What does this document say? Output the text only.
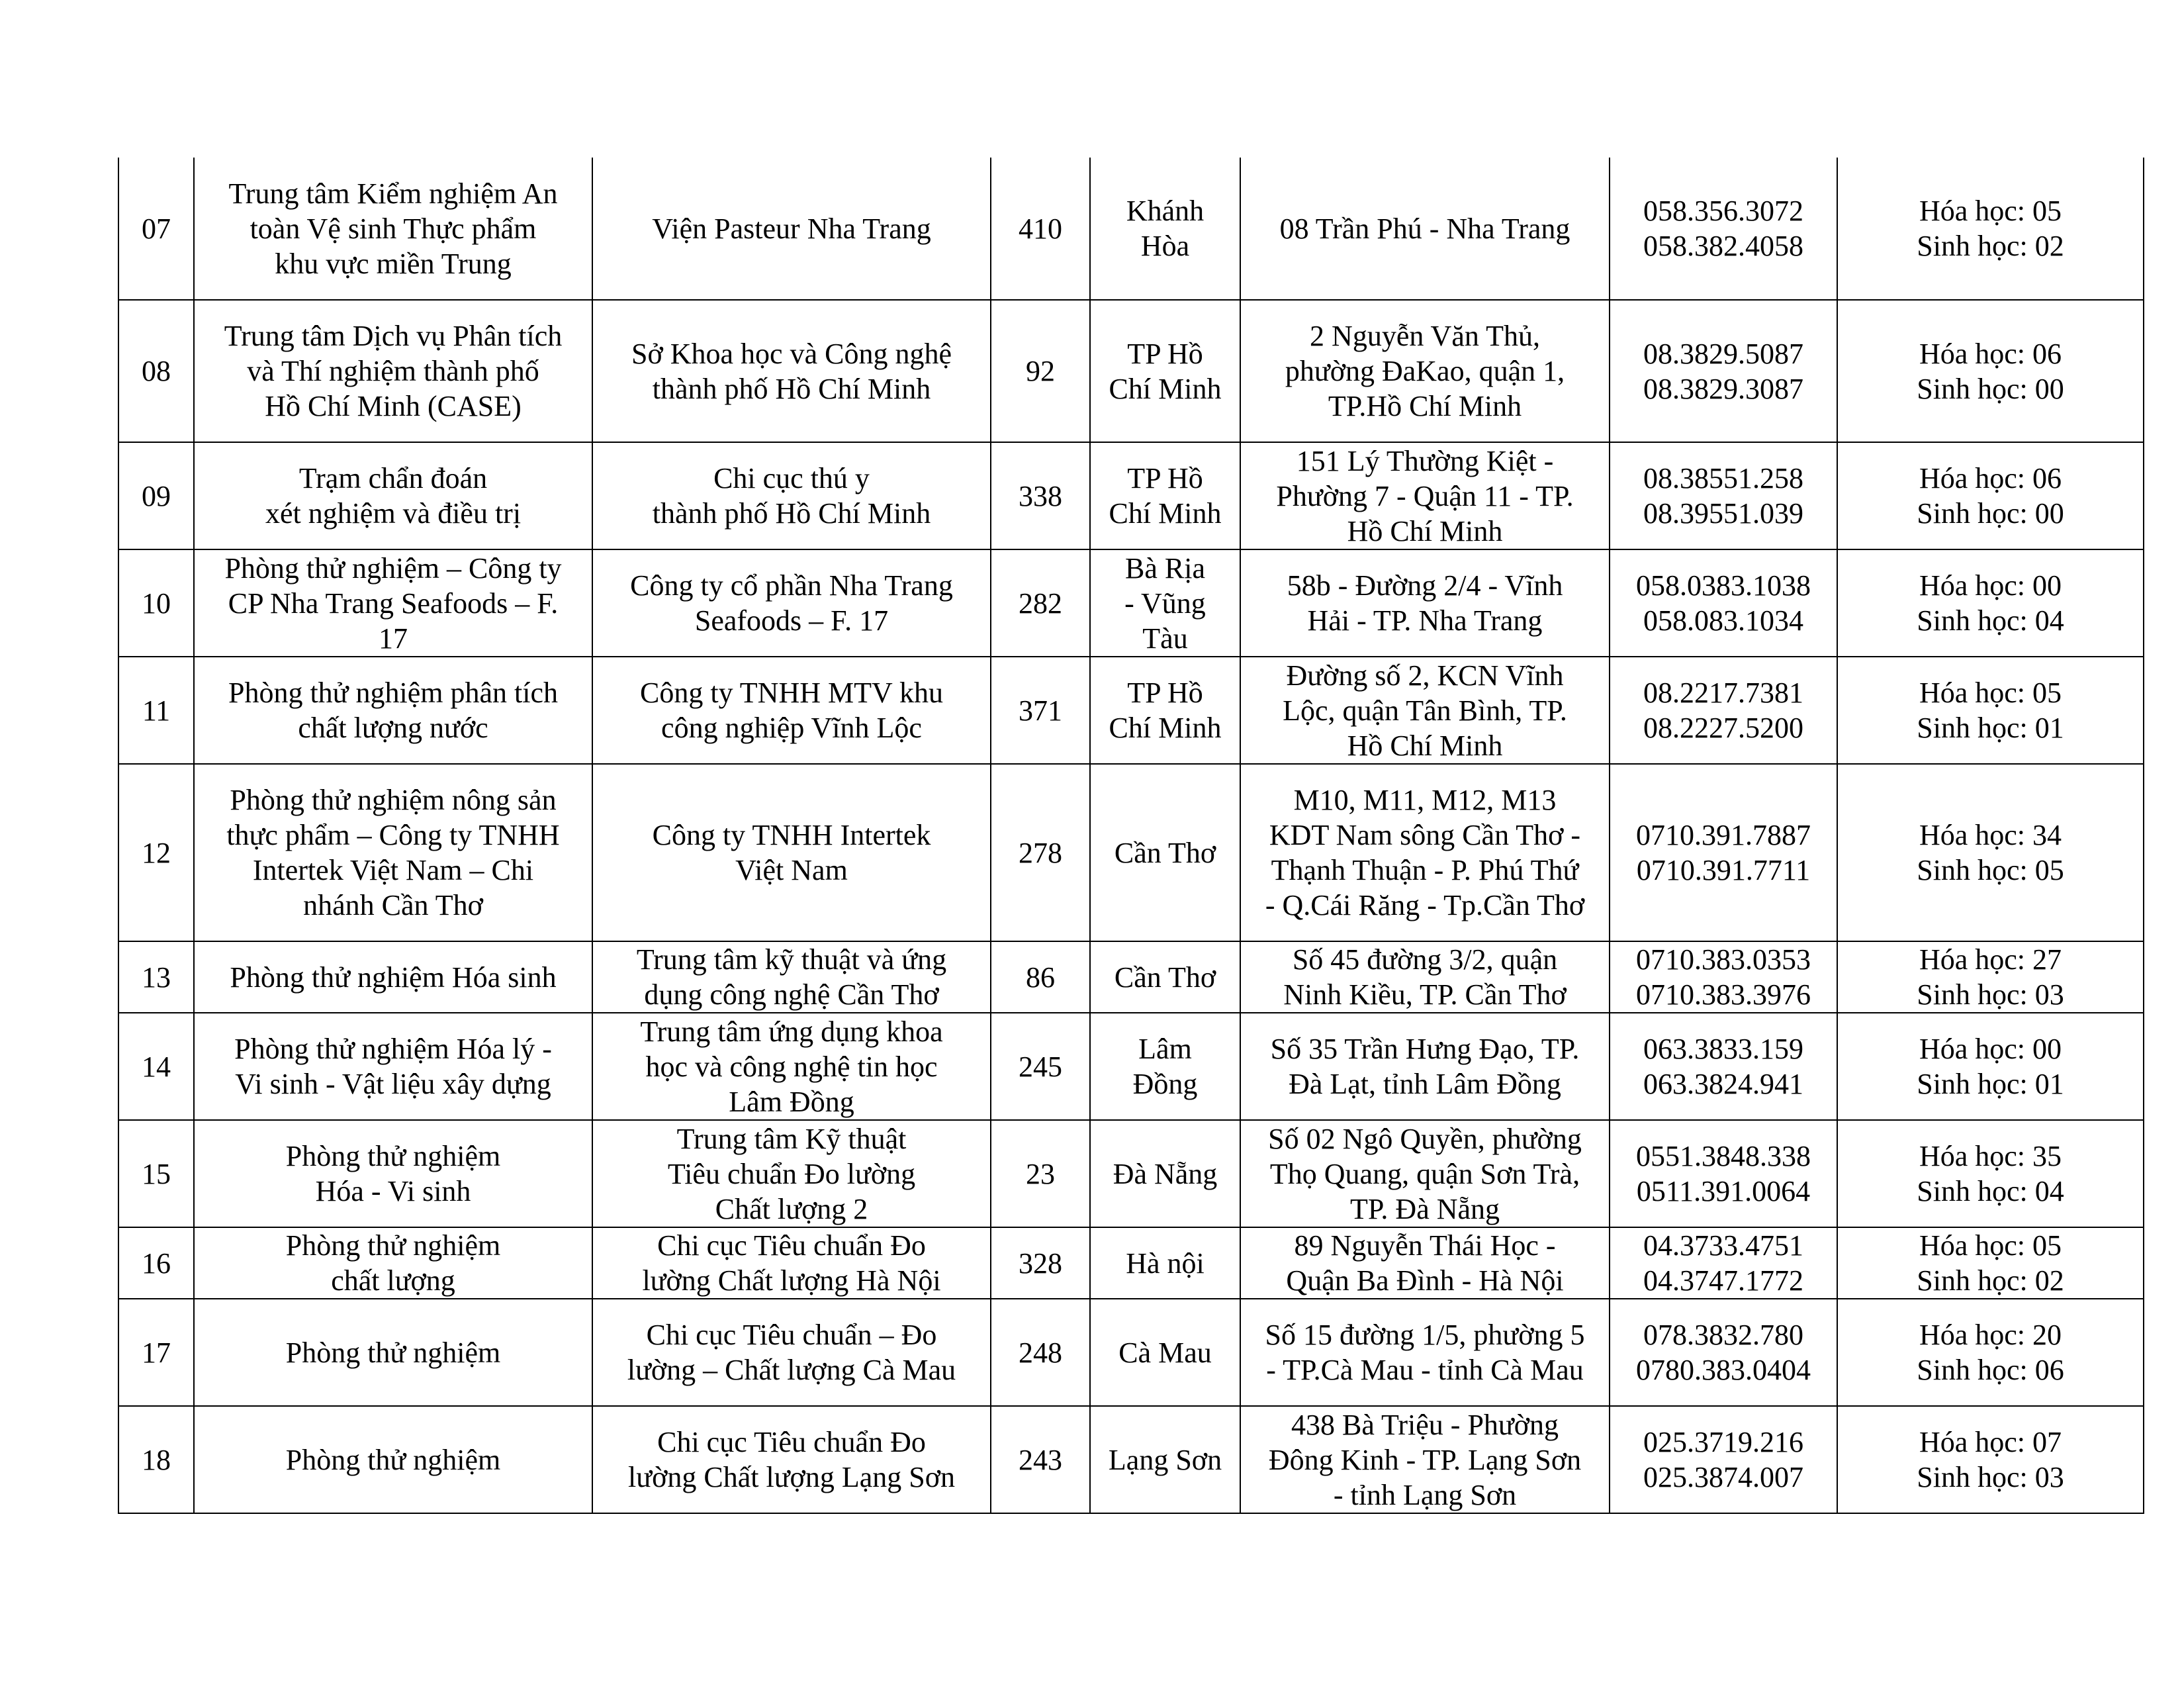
07	Trung tâm Kiểm nghiệm An
toàn Vệ sinh Thực phẩm
khu vực miền Trung	Viện Pasteur Nha Trang	410	Khánh
Hòa	08 Trần Phú - Nha Trang	058.356.3072
058.382.4058	Hóa học: 05
Sinh học: 02

08	Trung tâm Dịch vụ Phân tích
và Thí nghiệm thành phố
Hồ Chí Minh (CASE)	Sở Khoa học và Công nghệ
thành phố Hồ Chí Minh	92	TP Hồ
Chí Minh	2 Nguyễn Văn Thủ,
phường ĐaKao, quận 1,
TP.Hồ Chí Minh	08.3829.5087
08.3829.3087	Hóa học: 06
Sinh học: 00

09	Trạm chẩn đoán
xét nghiệm và điều trị	Chi cục thú y
thành phố Hồ Chí Minh	338	TP Hồ
Chí Minh	151 Lý Thường Kiệt -
Phường 7 - Quận 11 - TP.
Hồ Chí Minh	08.38551.258
08.39551.039	Hóa học: 06
Sinh học: 00

10	Phòng thử nghiệm – Công ty
CP Nha Trang Seafoods – F.
17	Công ty cổ phần Nha Trang
Seafoods – F. 17	282	Bà Rịa
- Vũng
Tàu	58b - Đường 2/4 - Vĩnh
Hải - TP. Nha Trang	058.0383.1038
058.083.1034	Hóa học: 00
Sinh học: 04

11	Phòng thử nghiệm phân tích
chất lượng nước	Công ty TNHH MTV khu
công nghiệp Vĩnh Lộc	371	TP Hồ
Chí Minh	Đường số 2, KCN Vĩnh
Lộc, quận Tân Bình, TP.
Hồ Chí Minh	08.2217.7381
08.2227.5200	Hóa học: 05
Sinh học: 01

12	Phòng thử nghiệm nông sản
thực phẩm – Công ty TNHH
Intertek Việt Nam – Chi
nhánh Cần Thơ	Công ty TNHH Intertek
Việt Nam	278	Cần Thơ	M10, M11, M12, M13
KDT Nam sông Cần Thơ -
Thạnh Thuận - P. Phú Thứ
- Q.Cái Răng - Tp.Cần Thơ	0710.391.7887
0710.391.7711	Hóa học: 34
Sinh học: 05

13	Phòng thử nghiệm Hóa sinh	Trung tâm kỹ thuật và ứng
dụng công nghệ Cần Thơ	86	Cần Thơ	Số 45 đường 3/2, quận
Ninh Kiều, TP. Cần Thơ	0710.383.0353
0710.383.3976	Hóa học: 27
Sinh học: 03

14	Phòng thử nghiệm Hóa lý -
Vi sinh - Vật liệu xây dựng	Trung tâm ứng dụng khoa
học và công nghệ tin học
Lâm Đồng	245	Lâm
Đồng	Số 35 Trần Hưng Đạo, TP.
Đà Lạt, tỉnh Lâm Đồng	063.3833.159
063.3824.941	Hóa học: 00
Sinh học: 01

15	Phòng thử nghiệm
Hóa - Vi sinh	Trung tâm Kỹ thuật
Tiêu chuẩn Đo lường
Chất lượng 2	23	Đà Nẵng	Số 02 Ngô Quyền, phường
Thọ Quang, quận Sơn Trà,
TP. Đà Nẵng	0551.3848.338
0511.391.0064	Hóa học: 35
Sinh học: 04

16	Phòng thử nghiệm
chất lượng	Chi cục Tiêu chuẩn Đo
lường Chất lượng Hà Nội	328	Hà nội	89 Nguyễn Thái Học -
Quận Ba Đình - Hà Nội	04.3733.4751
04.3747.1772	Hóa học: 05
Sinh học: 02

17	Phòng thử nghiệm	Chi cục Tiêu chuẩn – Đo
lường – Chất lượng Cà Mau	248	Cà Mau	Số 15 đường 1/5, phường 5
- TP.Cà Mau - tỉnh Cà Mau	078.3832.780
0780.383.0404	Hóa học: 20
Sinh học: 06

18	Phòng thử nghiệm	Chi cục Tiêu chuẩn Đo
lường Chất lượng Lạng Sơn	243	Lạng Sơn	438 Bà Triệu - Phường
Đông Kinh - TP. Lạng Sơn
- tỉnh Lạng Sơn	025.3719.216
025.3874.007	Hóa học: 07
Sinh học: 03
